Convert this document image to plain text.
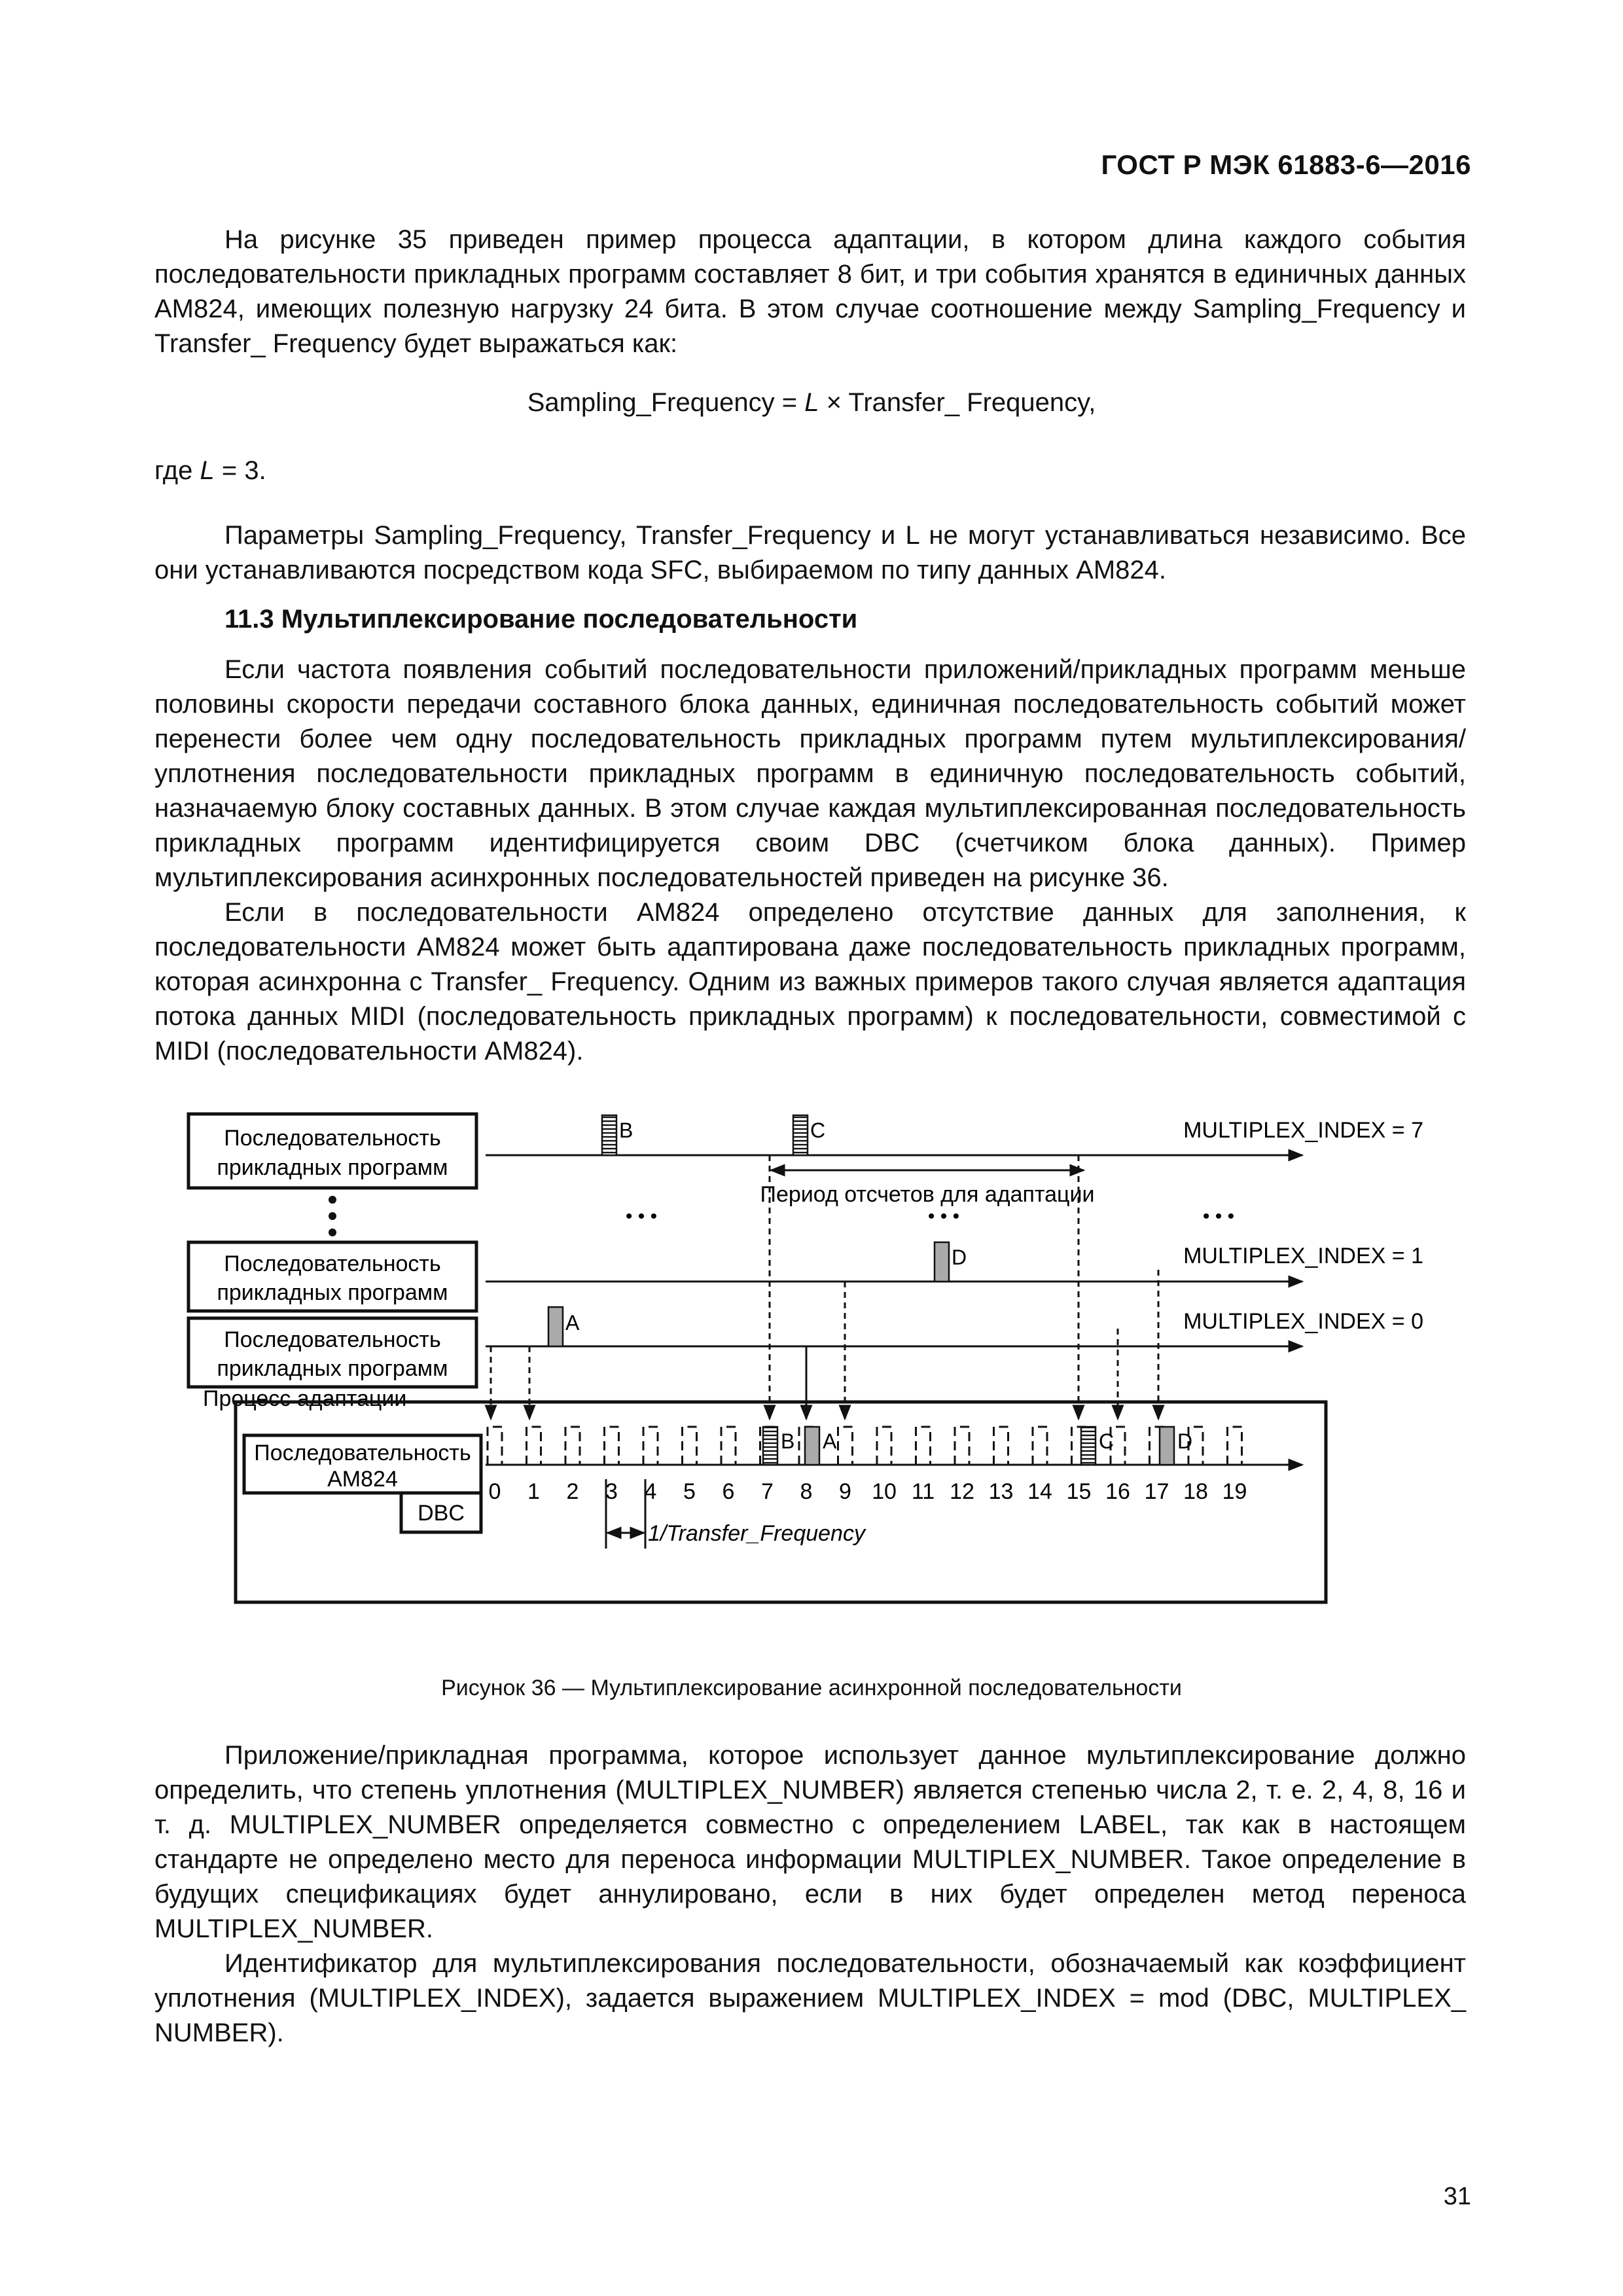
ГОСТ Р МЭК 61883-6—2016

На рисунке 35 приведен пример процесса адаптации, в котором длина каждого события последовательности прикладных программ составляет 8 бит, и три события хранятся в единичных данных AM824, имеющих полезную нагрузку 24 бита. В этом случае соотношение между Sampling_Frequency и Transfer_ Frequency будет выражаться как:

Sampling_Frequency = L × Transfer_ Frequency,
где L = 3.

Параметры Sampling_Frequency, Transfer_Frequency и L не могут устанавливаться независимо. Все они устанавливаются посредством кода SFC, выбираемом по типу данных AM824.

11.3 Мультиплексирование последовательности

Если частота появления событий последовательности приложений/прикладных программ меньше половины скорости передачи составного блока данных, единичная последовательность событий может перенести более чем одну последовательность прикладных программ путем мультиплексирования/уплотнения последовательности прикладных программ в единичную последовательность событий, назначаемую блоку составных данных. В этом случае каждая мультиплексированная последовательность прикладных программ идентифицируется своим DBC (счетчиком блока данных). Пример мультиплексирования асинхронных последовательностей приведен на рисунке 36.

Если в последовательности AM824 определено отсутствие данных для заполнения, к последовательности AM824 может быть адаптирована даже последовательность прикладных программ, которая асинхронна с Transfer_ Frequency. Одним из важных примеров такого случая является адаптация потока данных MIDI (последовательность прикладных программ) к последовательности, совместимой с MIDI (последовательности AM824).

Последовательность
прикладных программ
Последовательность
прикладных программ
Последовательность
прикладных программ
Процесс адаптации
MULTIPLEX_INDEX = 7
MULTIPLEX_INDEX = 1
MULTIPLEX_INDEX = 0
• • •	• • •	• • •
B	C
D
A
Период отсчетов для адаптации
Последовательность
AM824
DBC
0 1 2 3 4 5 6 7 8 9 10 11 12 13 14 15 16 17 18 19
B A	C	D
1/Transfer_Frequency
Рисунок 36 — Мультиплексирование асинхронной последовательности

Приложение/прикладная программа, которое использует данное мультиплексирование должно определить, что степень уплотнения (MULTIPLEX_NUMBER) является степенью числа 2, т. е. 2, 4, 8, 16 и т. д. MULTIPLEX_NUMBER определяется совместно с определением LABEL, так как в настоящем стандарте не определено место для переноса информации MULTIPLEX_NUMBER. Такое определение в будущих спецификациях будет аннулировано, если в них будет определен метод переноса MULTIPLEX_NUMBER.

Идентификатор для мультиплексирования последовательности, обозначаемый как коэффициент уплотнения (MULTIPLEX_INDEX), задается выражением MULTIPLEX_INDEX = mod (DBC, MULTIPLEX_ NUMBER).

31
